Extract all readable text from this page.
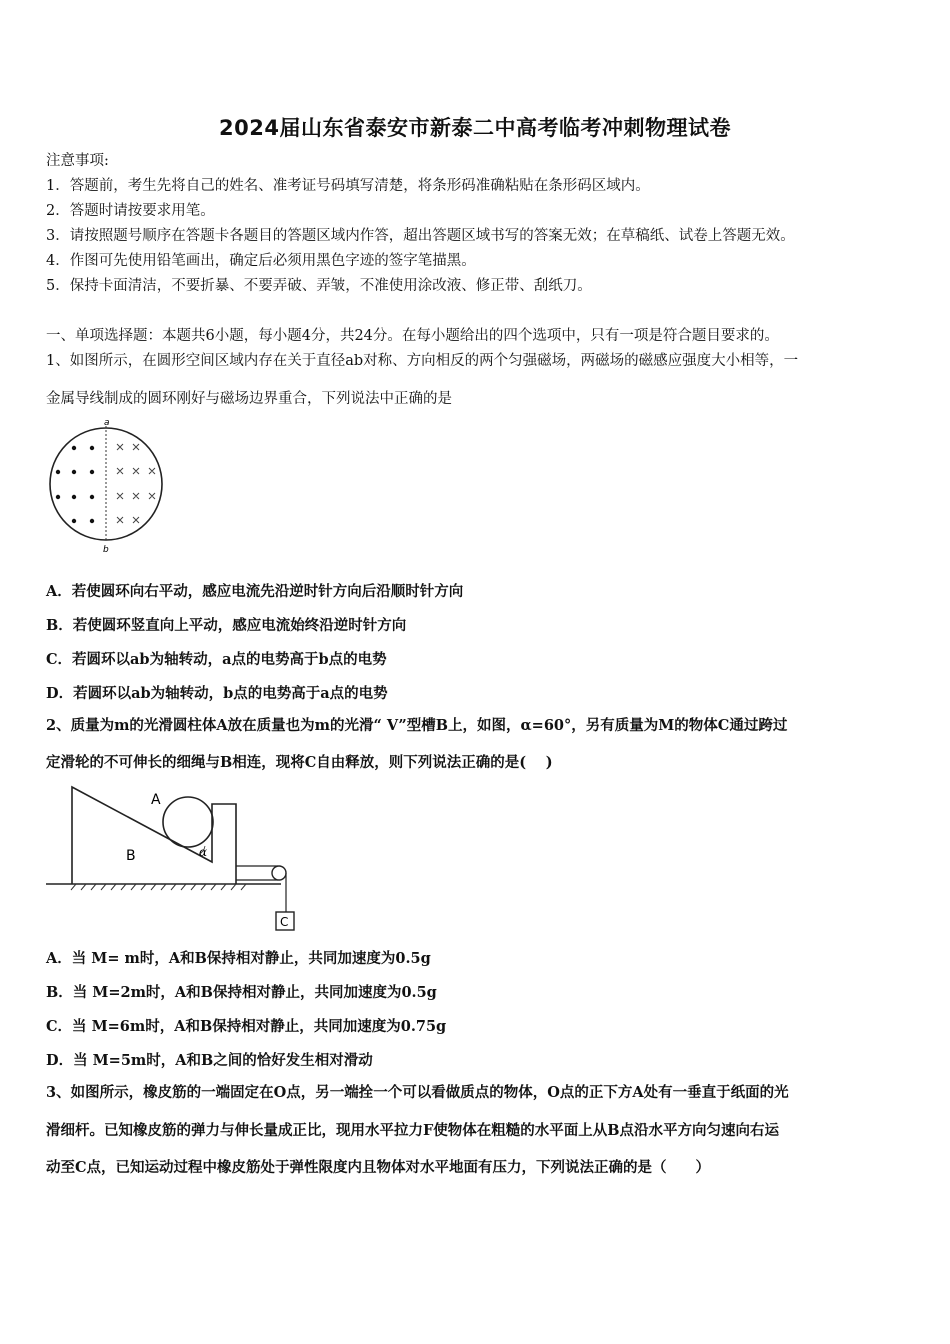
2024届山东省泰安市新泰二中高考临考冲刺物理试卷
注意事项:
1．答题前，考生先将自己的姓名、准考证号码填写清楚，将条形码准确粘贴在条形码区域内。
2．答题时请按要求用笔。
3．请按照题号顺序在答题卡各题目的答题区域内作答，超出答题区域书写的答案无效；在草稿纸、试卷上答题无效。
4．作图可先使用铅笔画出，确定后必须用黑色字迹的签字笔描黑。
5．保持卡面清洁，不要折暴、不要弄破、弄皱，不准使用涂改液、修正带、刮纸刀。
一、单项选择题：本题共6小题，每小题4分，共24分。在每小题给出的四个选项中，只有一项是符合题目要求的。
1、如图所示，在圆形空间区域内存在关于直径ab对称、方向相反的两个匀强磁场，两磁场的磁感应强度大小相等，一
金属导线制成的圆环刚好与磁场边界重合，下列说法中正确的是
a
b
A．若使圆环向右平动，感应电流先沿逆时针方向后沿顺时针方向
B．若使圆环竖直向上平动，感应电流始终沿逆时针方向
C．若圆环以ab为轴转动，a点的电势高于b点的电势
D．若圆环以ab为轴转动，b点的电势高于a点的电势
2、质量为m的光滑圆柱体A放在质量也为m的光滑“ V”型槽B上，如图，α=60°，另有质量为M的物体C通过跨过
定滑轮的不可伸长的细绳与B相连，现将C自由释放，则下列说法正确的是(　 )
A
B	α
C
A．当 M= m时，A和B保持相对静止，共同加速度为0.5g
B．当 M=2m时，A和B保持相对静止，共同加速度为0.5g
C．当 M=6m时，A和B保持相对静止，共同加速度为0.75g
D．当 M=5m时，A和B之间的恰好发生相对滑动
3、如图所示，橡皮筋的一端固定在O点，另一端拴一个可以看做质点的物体，O点的正下方A处有一垂直于纸面的光
滑细杆。已知橡皮筋的弹力与伸长量成正比，现用水平拉力F使物体在粗糙的水平面上从B点沿水平方向匀速向右运
动至C点，已知运动过程中橡皮筋处于弹性限度内且物体对水平地面有压力，下列说法正确的是（　　）
